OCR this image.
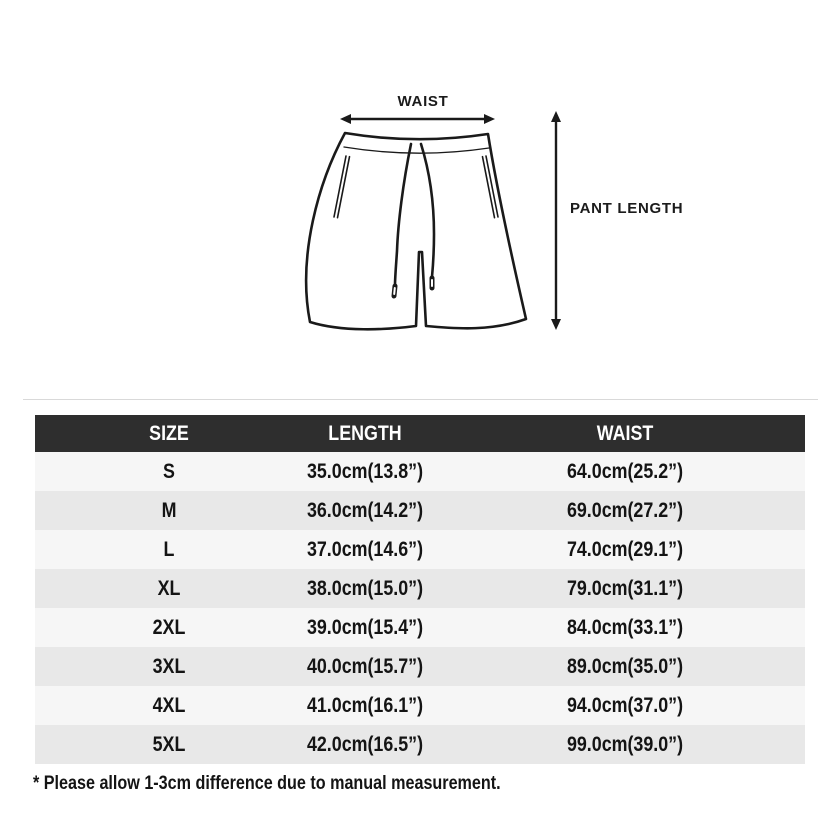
WAIST
PANT LENGTH
SIZE	LENGTH	WAIST
S	35.0cm(13.8”)	64.0cm(25.2”)
M	36.0cm(14.2”)	69.0cm(27.2”)
L	37.0cm(14.6”)	74.0cm(29.1”)
XL	38.0cm(15.0”)	79.0cm(31.1”)
2XL	39.0cm(15.4”)	84.0cm(33.1”)
3XL	40.0cm(15.7”)	89.0cm(35.0”)
4XL	41.0cm(16.1”)	94.0cm(37.0”)
5XL	42.0cm(16.5”)	99.0cm(39.0”)
* Please allow 1-3cm difference due to manual measurement.
